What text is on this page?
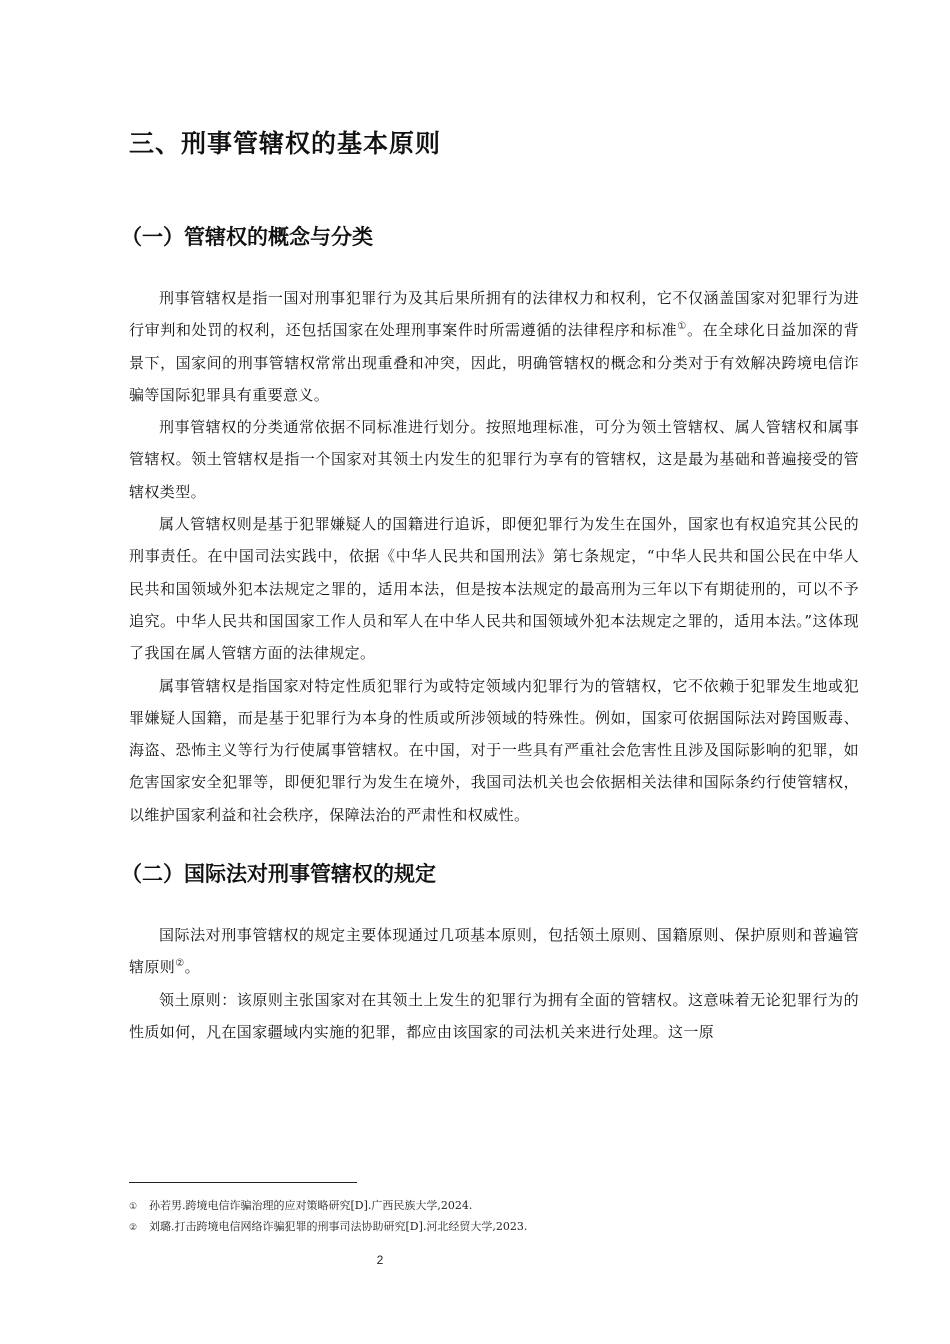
三、刑事管辖权的基本原则
（一）管辖权的概念与分类

刑事管辖权是指一国对刑事犯罪行为及其后果所拥有的法律权力和权利，它不仅涵盖国家对犯罪行为进行审判和处罚的权利，还包括国家在处理刑事案件时所需遵循的法律程序和标准①。在全球化日益加深的背景下，国家间的刑事管辖权常常出现重叠和冲突，因此，明确管辖权的概念和分类对于有效解决跨境电信诈骗等国际犯罪具有重要意义。

刑事管辖权的分类通常依据不同标准进行划分。按照地理标准，可分为领土管辖权、属人管辖权和属事管辖权。领土管辖权是指一个国家对其领土内发生的犯罪行为享有的管辖权，这是最为基础和普遍接受的管辖权类型。

属人管辖权则是基于犯罪嫌疑人的国籍进行追诉，即便犯罪行为发生在国外，国家也有权追究其公民的刑事责任。在中国司法实践中，依据《中华人民共和国刑法》第七条规定，“中华人民共和国公民在中华人民共和国领域外犯本法规定之罪的，适用本法，但是按本法规定的最高刑为三年以下有期徒刑的，可以不予追究。中华人民共和国国家工作人员和军人在中华人民共和国领域外犯本法规定之罪的，适用本法。”这体现了我国在属人管辖方面的法律规定。

属事管辖权是指国家对特定性质犯罪行为或特定领域内犯罪行为的管辖权，它不依赖于犯罪发生地或犯罪嫌疑人国籍，而是基于犯罪行为本身的性质或所涉领域的特殊性。例如，国家可依据国际法对跨国贩毒、海盗、恐怖主义等行为行使属事管辖权。在中国，对于一些具有严重社会危害性且涉及国际影响的犯罪，如危害国家安全犯罪等，即便犯罪行为发生在境外，我国司法机关也会依据相关法律和国际条约行使管辖权，以维护国家利益和社会秩序，保障法治的严肃性和权威性。

（二）国际法对刑事管辖权的规定

国际法对刑事管辖权的规定主要体现通过几项基本原则，包括领土原则、国籍原则、保护原则和普遍管辖原则②。

领土原则：该原则主张国家对在其领土上发生的犯罪行为拥有全面的管辖权。这意味着无论犯罪行为的性质如何，凡在国家疆域内实施的犯罪，都应由该国家的司法机关来进行处理。这一原

①	孙若男.跨境电信诈骗治理的应对策略研究[D].广西民族大学,2024.
②	刘璐.打击跨境电信网络诈骗犯罪的刑事司法协助研究[D].河北经贸大学,2023.
2
